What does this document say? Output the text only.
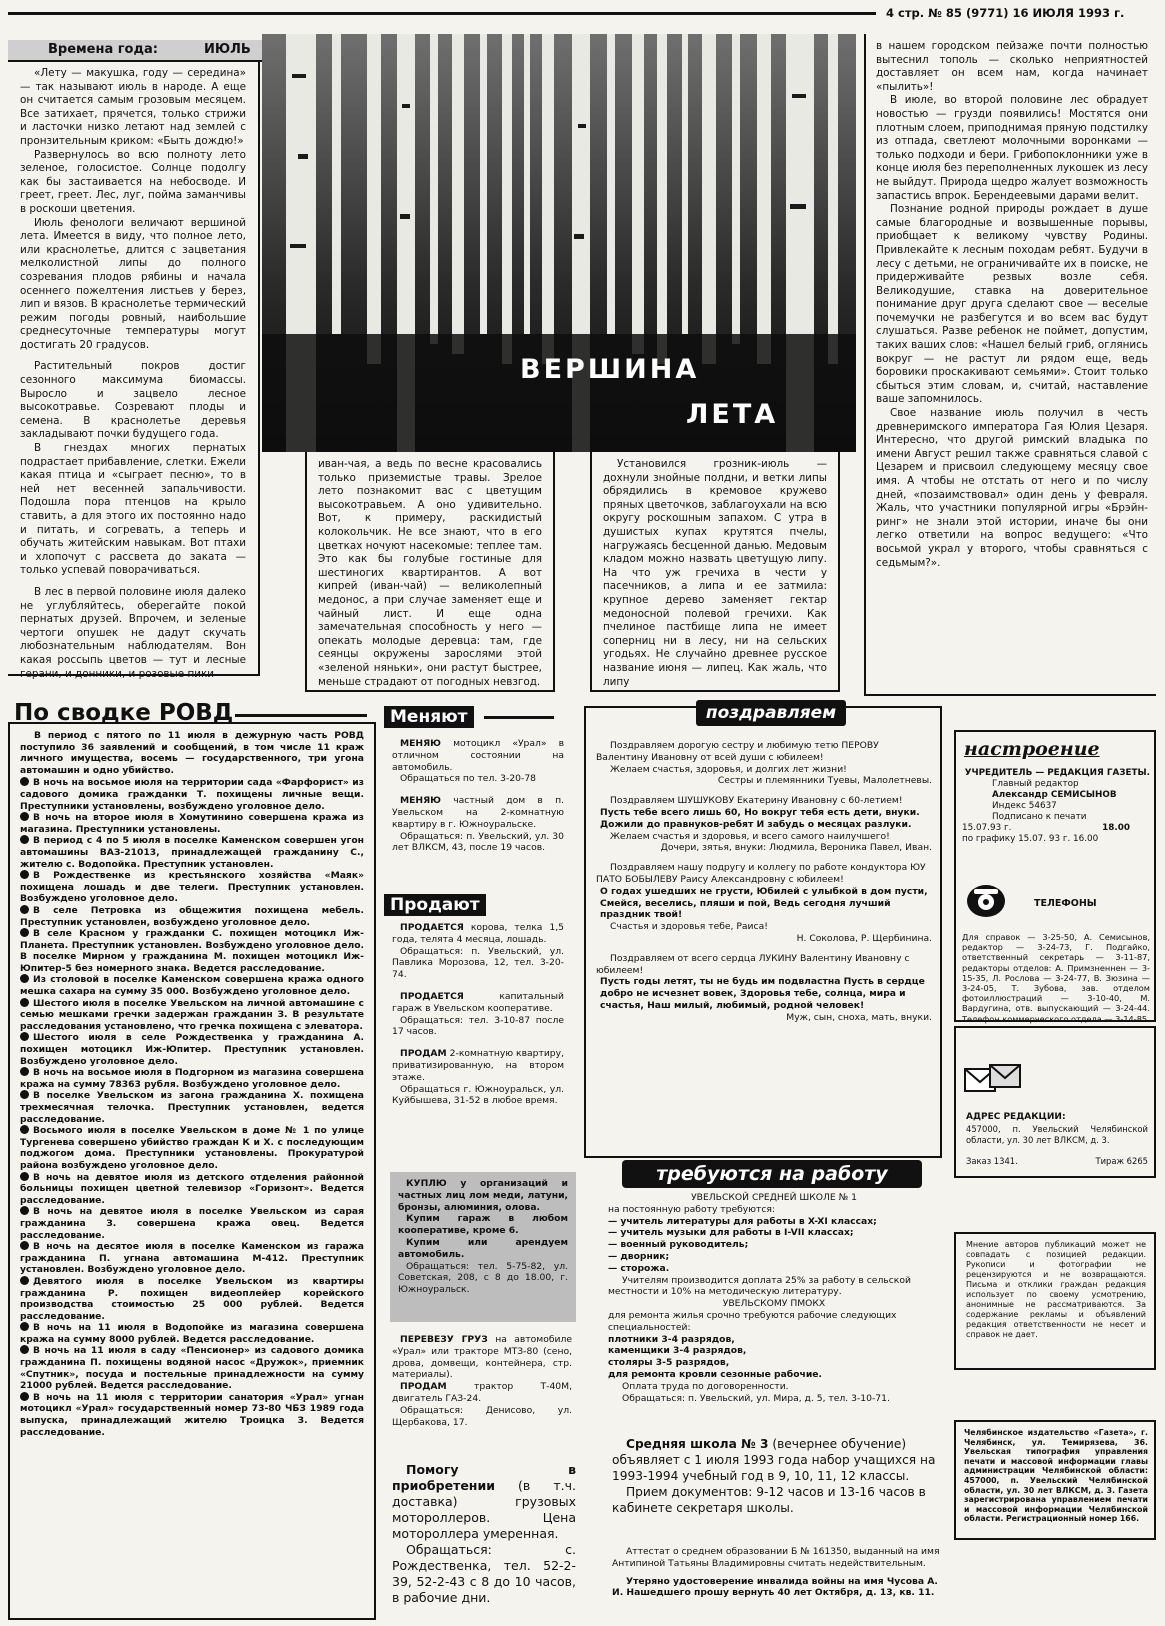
4 стр. № 85 (9771) 16 ИЮЛЯ 1993 г.
Времена года:	ИЮЛЬ
ВЕРШИНА
ЛЕТА

«Лету — макушка, году — середина» — так называют июль в народе. А еще он считается самым грозовым месяцем. Все затихает, прячется, только стрижи и ласточки низко летают над землей с пронзительным криком: «Быть дождю!»

Развернулось во всю полноту лето зеленое, голосистое. Солнце подолгу как бы застаивается на небосводе. И греет, греет. Лес, луг, пойма заманчивы в роскоши цветения.

Июль фенологи величают вершиной лета. Имеется в виду, что полное лето, или краснолетье, длится с зацветания мелколистной липы до полного созревания плодов рябины и начала осеннего пожелтения листьев у берез, лип и вязов. В краснолетье термический режим погоды ровный, наибольшие среднесуточные температуры могут достигать 20 градусов.

Растительный покров достиг сезонного максимума биомассы. Выросло и зацвело лесное высокотравье. Созревают плоды и семена. В краснолетье деревья закладывают почки будущего года.

В гнездах многих пернатых подрастает прибавление, слетки. Ежели какая птица и «сыграет песню», то в ней нет весенней запальчивости. Подошла пора птенцов на крыло ставить, а для этого их постоянно надо и питать, и согревать, а теперь и обучать житейским навыкам. Вот птахи и хлопочут с рассвета до заката — только успевай поворачиваться.

В лес в первой половине июля далеко не углубляйтесь, оберегайте покой пернатых друзей. Впрочем, и зеленые чертоги опушек не дадут скучать любознательным наблюдателям. Вон какая россыпь цветов — тут и лесные герани, и донники, и розовые пики

иван-чая, а ведь по весне красовались только приземистые травы. Зрелое лето познакомит вас с цветущим высокотравьем. А оно удивительно. Вот, к примеру, раскидистый колокольчик. Не все знают, что в его цветках ночуют насекомые: теплее там. Это как бы голубые гостиные для шестиногих квартирантов. А вот кипрей (иван-чай) — великолепный медонос, а при случае заменяет еще и чайный лист. И еще одна замечательная способность у него — опекать молодые деревца: там, где сеянцы окружены зарослями этой «зеленой няньки», они растут быстрее, меньше страдают от погодных невзгод.

Установился грозник-июль — дохнули знойные полдни, и ветки липы обрядились в кремовое кружево пряных цветочков, заблагоухали на всю округу роскошным запахом. С утра в душистых купах крутятся пчелы, нагружаясь бесценной данью. Медовым кладом можно назвать цветущую липу. На что уж гречиха в чести у пасечников, а липа и ее затмила: крупное дерево заменяет гектар медоносной полевой гречихи. Как пчелиное пастбище липа не имеет соперниц ни в лесу, ни на сельских угодьях. Не случайно древнее русское название июня — липец. Как жаль, что липу

в нашем городском пейзаже почти полностью вытеснил тополь — сколько неприятностей доставляет он всем нам, когда начинает «пылить»!

В июле, во второй половине лес обрадует новостью — грузди появились! Мостятся они плотным слоем, приподнимая пряную подстилку из отпада, светлеют молочными воронками — только подходи и бери. Грибопоклонники уже в конце июля без переполненных лукошек из лесу не выйдут. Природа щедро жалует возможность запастись впрок. Берендеевыми дарами велит.

Познание родной природы рождает в душе самые благородные и возвышенные порывы, приобщает к великому чувству Родины. Привлекайте к лесным походам ребят. Будучи в лесу с детьми, не ограничивайте их в поиске, не придерживайте резвых возле себя. Великодушие, ставка на доверительное понимание друг друга сделают свое — веселые почемучки не разбегутся и во всем вас будут слушаться. Разве ребенок не поймет, допустим, таких ваших слов: «Нашел белый гриб, оглянись вокруг — не растут ли рядом еще, ведь боровики проскакивают семьями». Стоит только сбыться этим словам, и, считай, наставление ваше запомнилось.

Свое название июль получил в честь древнеримского императора Гая Юлия Цезаря. Интересно, что другой римский владыка по имени Август решил также сравняться славой с Цезарем и присвоил следующему месяцу свое имя. А чтобы не отстать от него и по числу дней, «позаимствовал» один день у февраля. Жаль, что участники популярной игры «Брэйн-ринг» не знали этой истории, иначе бы они легко ответили на вопрос ведущего: «Что восьмой украл у второго, чтобы сравняться с седьмым?».

По сводке РОВД
В период с пятого по 11 июля в дежурную часть РОВД поступило 36 заявлений и сообщений, в том числе 11 краж личного имущества, восемь — государственного, три угона автомашин и одно убийство.
В ночь на восьмое июля на территории сада «Фарфорист» из садового домика гражданки Т. похищены личные вещи. Преступники установлены, возбуждено уголовное дело.
В ночь на второе июля в Хомутинино совершена кража из магазина. Преступники установлены.
В период с 4 по 5 июля в поселке Каменском совершен угон автомашины ВАЗ-21013, принадлежащей гражданину С., жителю с. Водопойка. Преступник установлен.
В Рождественке из крестьянского хозяйства «Маяк» похищена лошадь и две телеги. Преступник установлен. Возбуждено уголовное дело.
В селе Петровка из общежития похищена мебель. Преступник установлен, возбуждено уголовное дело.
В селе Красном у гражданки С. похищен мотоцикл Иж-Планета. Преступник установлен. Возбуждено уголовное дело. В поселке Мирном у гражданина М. похищен мотоцикл Иж-Юпитер-5 без номерного знака. Ведется расследование.
Из столовой в поселке Каменском совершена кража одного мешка сахара на сумму 35 000. Возбуждено уголовное дело.
Шестого июля в поселке Увельском на личной автомашине с семью мешками гречки задержан гражданин З. В результате расследования установлено, что гречка похищена с элеватора.
Шестого июля в селе Рождественка у гражданина А. похищен мотоцикл Иж-Юпитер. Преступник установлен. Возбуждено уголовное дело.
В ночь на восьмое июля в Подгорном из магазина совершена кража на сумму 78363 рубля. Возбуждено уголовное дело.
В поселке Увельском из загона гражданина Х. похищена трехмесячная телочка. Преступник установлен, ведется расследование.
Восьмого июля в поселке Увельском в доме № 1 по улице Тургенева совершено убийство граждан К и Х. с последующим поджогом дома. Преступники установлены. Прокуратурой района возбуждено уголовное дело.
В ночь на девятое июля из детского отделения районной больницы похищен цветной телевизор «Горизонт». Ведется расследование.
В ночь на девятое июля в поселке Увельском из сарая гражданина З. совершена кража овец. Ведется расследование.
В ночь на десятое июля в поселке Каменском из гаража гражданина П. угнана автомашина М-412. Преступник установлен. Возбуждено уголовное дело.
Девятого июля в поселке Увельском из квартиры гражданина Р. похищен видеоплейер корейского производства стоимостью 25 000 рублей. Ведется расследование.
В ночь на 11 июля в Водопойке из магазина совершена кража на сумму 8000 рублей. Ведется расследование.
В ночь на 11 июля в саду «Пенсионер» из садового домика гражданина П. похищены водяной насос «Дружок», приемник «Спутник», посуда и постельные принадлежности на сумму 21000 рублей. Ведется расследование.
В ночь на 11 июля с территории санатория «Урал» угнан мотоцикл «Урал» государственный номер 73-80 ЧБЗ 1989 года выпуска, принадлежащий жителю Троицка З. Ведется расследование.
Меняют
МЕНЯЮ мотоцикл «Урал» в отличном состоянии на автомобиль.
Обращаться по тел. 3-20-78
МЕНЯЮ частный дом в п. Увельском на 2-комнатную квартиру в г. Южноуральске.
Обращаться: п. Увельский, ул. 30 лет ВЛКСМ, 43, после 19 часов.
Продают
ПРОДАЕТСЯ корова, телка 1,5 года, телята 4 месяца, лошадь.
Обращаться: п. Увельский, ул. Павлика Морозова, 12, тел. 3-20-74.
ПРОДАЕТСЯ	капитальный гараж в Увельском кооперативе.
Обращаться: тел. 3-10-87 после 17 часов.
ПРОДАМ 2-комнатную квартиру, приватизированную, на втором этаже.
Обращаться г. Южноуральск, ул. Куйбышева, 31-52 в любое время.
КУПЛЮ у организаций и частных лиц лом меди, латуни, бронзы, алюминия, олова.
Купим гараж в любом кооперативе, кроме 6.
Купим или арендуем автомобиль.
Обращаться: тел. 5-75-82, ул. Советская, 208, с 8 до 18.00, г. Южноуральск.
ПЕРЕВЕЗУ ГРУЗ на автомобиле «Урал» или тракторе МТЗ-80 (сено, дрова, домвещи, контейнера, стр. материалы).
ПРОДАМ	трактор Т-40М, двигатель ГАЗ-24.
Обращаться: Денисово, ул. Щербакова, 17.
Помогу в приобретении (в т.ч. доставка) грузовых мотороллеров. Цена мотороллера умеренная.
Обращаться: с. Рождественка, тел. 52-2-39, 52-2-43 с 8 до 10 часов, в рабочие дни.
поздравляем
Поздравляем дорогую сестру и любимую тетю ПЕРОВУ Валентину Ивановну от всей души с юбилеем!
Желаем счастья, здоровья, и долгих лет жизни!
Сестры и племянники Туевы, Малолетневы.
Поздравляем ШУШУКОВУ Екатерину Ивановну с 60-летием!
Пусть тебе всего лишь 60, Но вокруг тебя есть дети, внуки. Дожили до правнуков-ребят И забудь о месяцах разлуки.
Желаем счастья и здоровья, и всего самого наилучшего!
Дочери, зятья, внуки: Людмила, Вероника Павел, Иван.
Поздравляем нашу подругу и коллегу по работе кондуктора ЮУ ПАТО БОБЫЛЕВУ Раису Александровну с юбилеем!
О годах ушедших не грусти, Юбилей с улыбкой в дом пусти, Смейся, веселись, пляши и пой, Ведь сегодня лучший праздник твой!
Счастья и здоровья тебе, Раиса!
Н. Соколова, Р. Щербинина.
Поздравляем от всего сердца ЛУКИНУ Валентину Ивановну с юбилеем!
Пусть годы летят, ты не будь им подвластна Пусть в сердце добро не исчезнет вовек, Здоровья тебе, солнца, мира и счастья, Наш милый, любимый, родной человек!
Муж, сын, сноха, мать, внуки.
требуются на работу
УВЕЛЬСКОЙ СРЕДНЕЙ ШКОЛЕ № 1
на постоянную работу требуются:
— учитель литературы для работы в X-XI классах;
— учитель музыки для работы в I-VII классах;
— военный руководитель;
— дворник;
— сторожа.
Учителям производится доплата 25% за работу в сельской местности и 10% на методическую литературу.
УВЕЛЬСКОМУ ПМОКХ
для ремонта жилья срочно требуются рабочие следующих специальностей:
плотники 3-4 разрядов,
каменщики 3-4 разрядов,
столяры 3-5 разрядов,
для ремонта кровли сезонные рабочие.
Оплата труда по договоренности.
Обращаться: п. Увельский, ул. Мира, д. 5, тел. 3-10-71.
Средняя школа № 3 (вечернее обучение) объявляет с 1 июля 1993 года набор учащихся на 1993-1994 учебный год в 9, 10, 11, 12 классы.
Прием документов: 9-12 часов и 13-16 часов в кабинете секретаря школы.
Аттестат о среднем образовании Б № 161350, выданный на имя Антипиной Татьяны Владимировны считать недействительным.
Утеряно удостоверение инвалида войны на имя Чусова А. И. Нашедшего прошу вернуть 40 лет Октября, д. 13, кв. 11.
настроение
УЧРЕДИТЕЛЬ — РЕДАКЦИЯ ГАЗЕТЫ.
Главный редактор
Александр СЕМИСЫНОВ
Индекс 54637
Подписано к печати
15.07.93 г.	18.00
по графику 15.07. 93 г. 16.00
ТЕЛЕФОНЫ
Для справок — 3-25-50, А. Семисынов, редактор — 3-24-73, Г. Подгайко, ответственный секретарь — 3-11-87, редакторы отделов: А. Примзненнен — 3-15-35, Л. Рослова — 3-24-77, В. Зюзина — 3-24-05, Т. Зубова, зав. отделом фотоиллюстраций — 3-10-40, М. Вардугина, отв. выпускающий — 3-24-44. Телефон коммерческого отдела — 3-14-85.
АДРЕС РЕДАКЦИИ:
457000, п. Увельский Челябинской области, ул. 30 лет ВЛКСМ, д. 3.
Заказ 1341.	Тираж 6265
Мнение авторов публикаций может не совпадать с позицией редакции. Рукописи и фотографии не рецензируются и не возвращаются. Письма и отклики граждан редакция использует по своему усмотрению, анонимные не рассматриваются. За содержание рекламы и объявлений редакция ответственности не несет и справок не дает.
Челябинское издательство «Газета», г. Челябинск, ул. Темирязева, 36. Увельская типография управления печати и массовой информации главы администрации Челябинской области: 457000, п. Увельский Челябинской области, ул. 30 лет ВЛКСМ, д. 3. Газета зарегистрирована управлением печати и массовой информации Челябинской области. Регистрационный номер 166.
